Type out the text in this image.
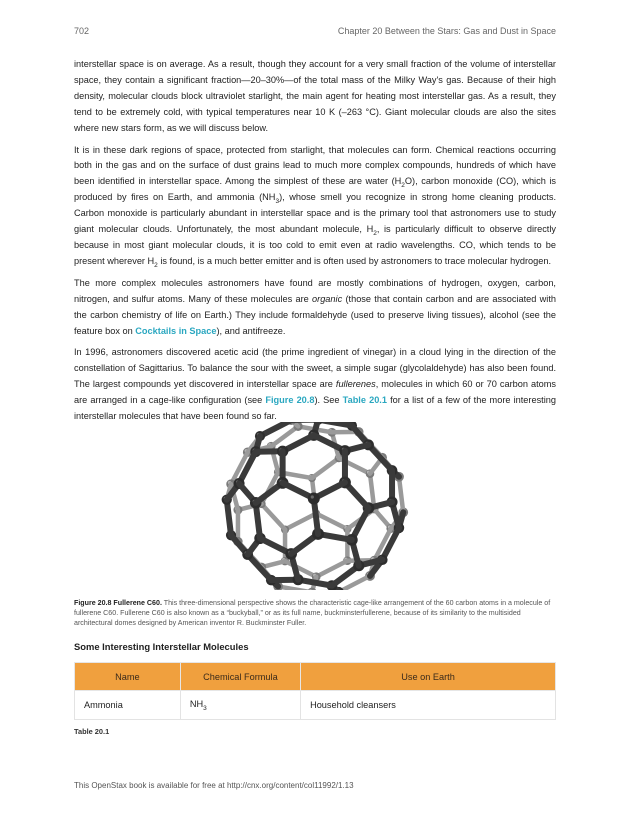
702	Chapter 20 Between the Stars: Gas and Dust in Space

interstellar space is on average. As a result, though they account for a very small fraction of the volume of interstellar space, they contain a significant fraction—20–30%—of the total mass of the Milky Way's gas. Because of their high density, molecular clouds block ultraviolet starlight, the main agent for heating most interstellar gas. As a result, they tend to be extremely cold, with typical temperatures near 10 K (–263 °C). Giant molecular clouds are also the sites where new stars form, as we will discuss below.

It is in these dark regions of space, protected from starlight, that molecules can form. Chemical reactions occurring both in the gas and on the surface of dust grains lead to much more complex compounds, hundreds of which have been identified in interstellar space. Among the simplest of these are water $(H_2O)$, carbon monoxide (CO), which is produced by fires on Earth, and ammonia $(NH_3)$, whose smell you recognize in strong home cleaning products. Carbon monoxide is particularly abundant in interstellar space and is the primary tool that astronomers use to study giant molecular clouds. Unfortunately, the most abundant molecule, $H_2$, is particularly difficult to observe directly because in most giant molecular clouds, it is too cold to emit even at radio wavelengths. CO, which tends to be present wherever $H_2$ is found, is a much better emitter and is often used by astronomers to trace molecular hydrogen.

The more complex molecules astronomers have found are mostly combinations of hydrogen, oxygen, carbon, nitrogen, and sulfur atoms. Many of these molecules are organic (those that contain carbon and are associated with the carbon chemistry of life on Earth.) They include formaldehyde (used to preserve living tissues), alcohol (see the feature box on Cocktails in Space), and antifreeze.

In 1996, astronomers discovered acetic acid (the prime ingredient of vinegar) in a cloud lying in the direction of the constellation of Sagittarius. To balance the sour with the sweet, a simple sugar (glycolaldehyde) has also been found. The largest compounds yet discovered in interstellar space are fullerenes, molecules in which 60 or 70 carbon atoms are arranged in a cage-like configuration (see Figure 20.8). See Table 20.1 for a list of a few of the more interesting interstellar molecules that have been found so far.

Figure 20.8 Fullerene C60. This three-dimensional perspective shows the characteristic cage-like arrangement of the 60 carbon atoms in a molecule of fullerene C60. Fullerene C60 is also known as a “buckyball,” or as its full name, buckminsterfullerene, because of its similarity to the multisided architectural domes designed by American inventor R. Buckminster Fuller.
Some Interesting Interstellar Molecules
Name	Chemical Formula	Use on Earth
Ammonia	$NH_3$	Household cleansers
Table 20.1
This OpenStax book is available for free at http://cnx.org/content/col11992/1.13
